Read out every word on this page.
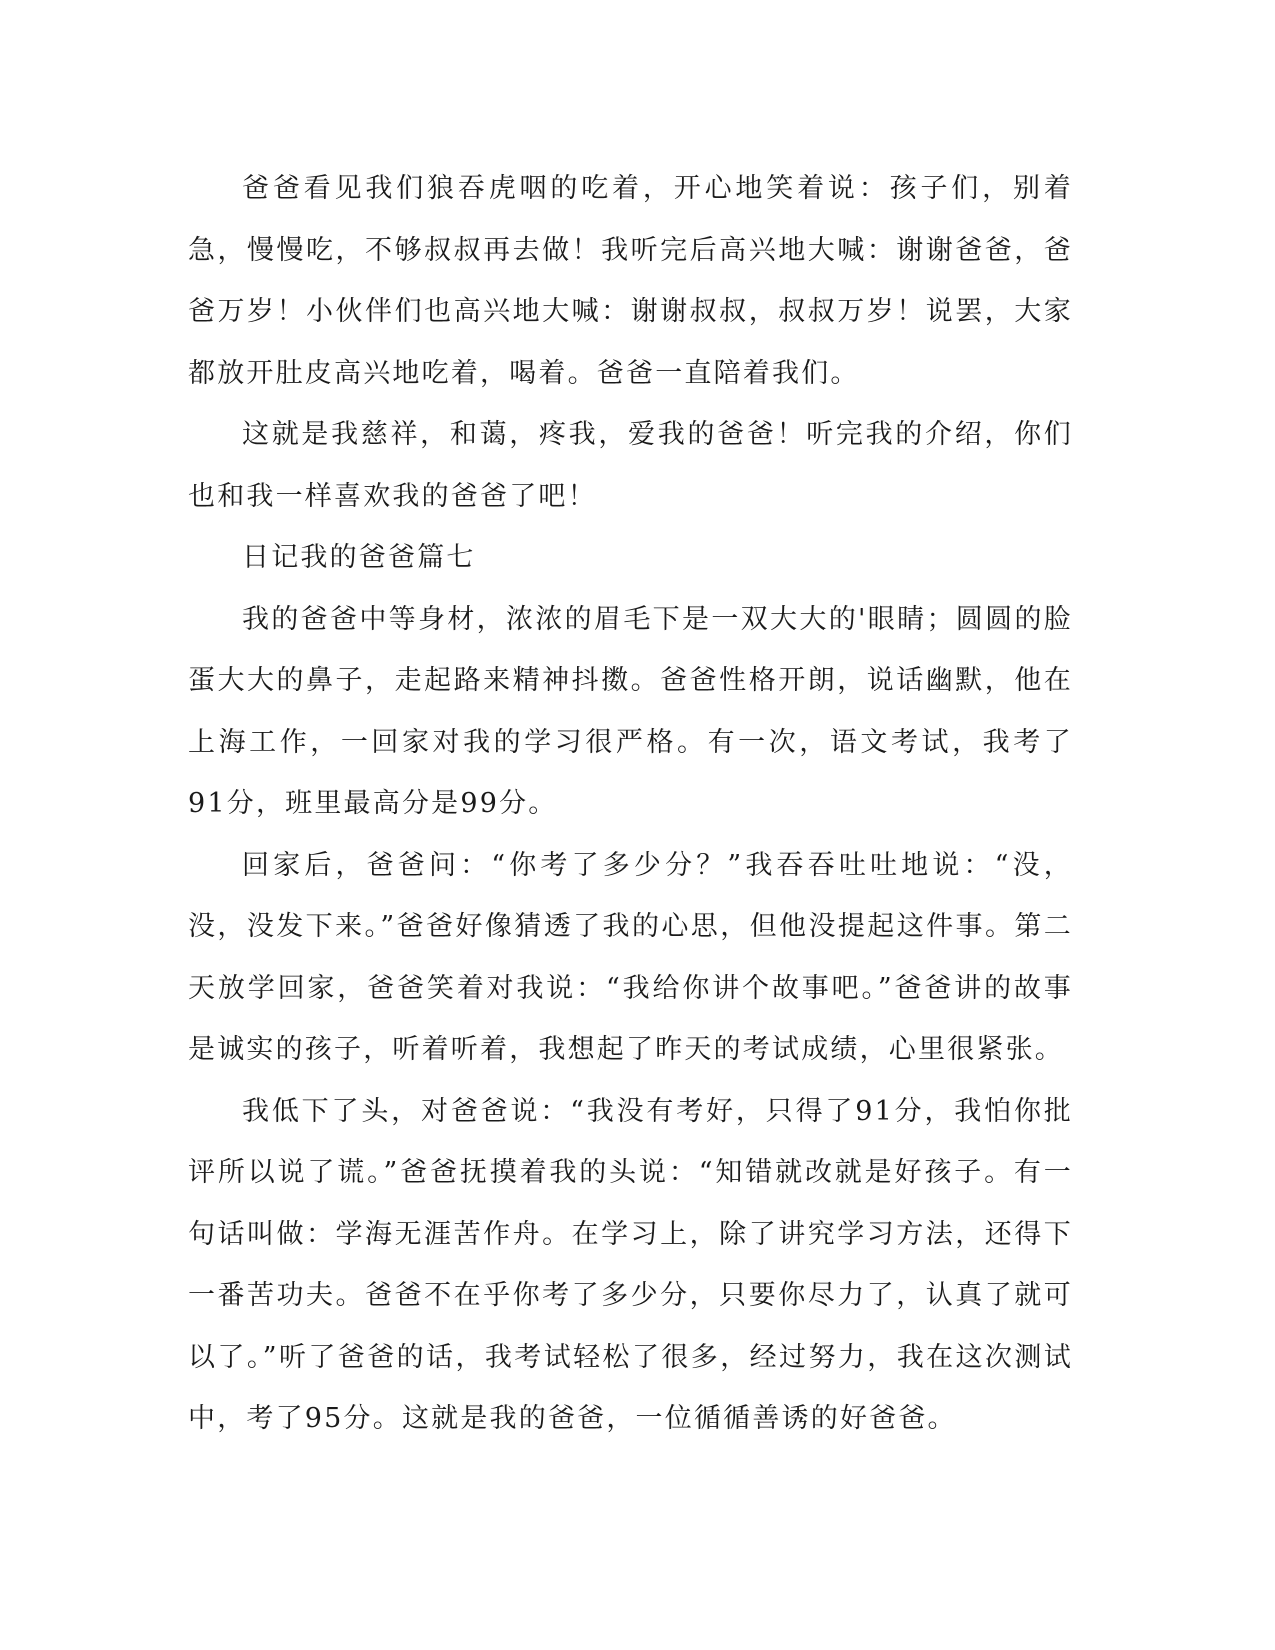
爸爸看见我们狼吞虎咽的吃着，开心地笑着说：孩子们，别着急，慢慢吃，不够叔叔再去做！我听完后高兴地大喊：谢谢爸爸，爸爸万岁！小伙伴们也高兴地大喊：谢谢叔叔，叔叔万岁！说罢，大家都放开肚皮高兴地吃着，喝着。爸爸一直陪着我们。

这就是我慈祥，和蔼，疼我，爱我的爸爸！听完我的介绍，你们也和我一样喜欢我的爸爸了吧！

日记我的爸爸篇七

我的爸爸中等身材，浓浓的眉毛下是一双大大的'眼睛；圆圆的脸蛋大大的鼻子，走起路来精神抖擞。爸爸性格开朗，说话幽默，他在上海工作，一回家对我的学习很严格。有一次，语文考试，我考了91分，班里最高分是99分。

回家后，爸爸问：“你考了多少分？”我吞吞吐吐地说：“没，没，没发下来。”爸爸好像猜透了我的心思，但他没提起这件事。第二天放学回家，爸爸笑着对我说：“我给你讲个故事吧。”爸爸讲的故事是诚实的孩子，听着听着，我想起了昨天的考试成绩，心里很紧张。

我低下了头，对爸爸说：“我没有考好，只得了91分，我怕你批评所以说了谎。”爸爸抚摸着我的头说：“知错就改就是好孩子。有一句话叫做：学海无涯苦作舟。在学习上，除了讲究学习方法，还得下一番苦功夫。爸爸不在乎你考了多少分，只要你尽力了，认真了就可以了。”听了爸爸的话，我考试轻松了很多，经过努力，我在这次测试中，考了95分。这就是我的爸爸，一位循循善诱的好爸爸。
